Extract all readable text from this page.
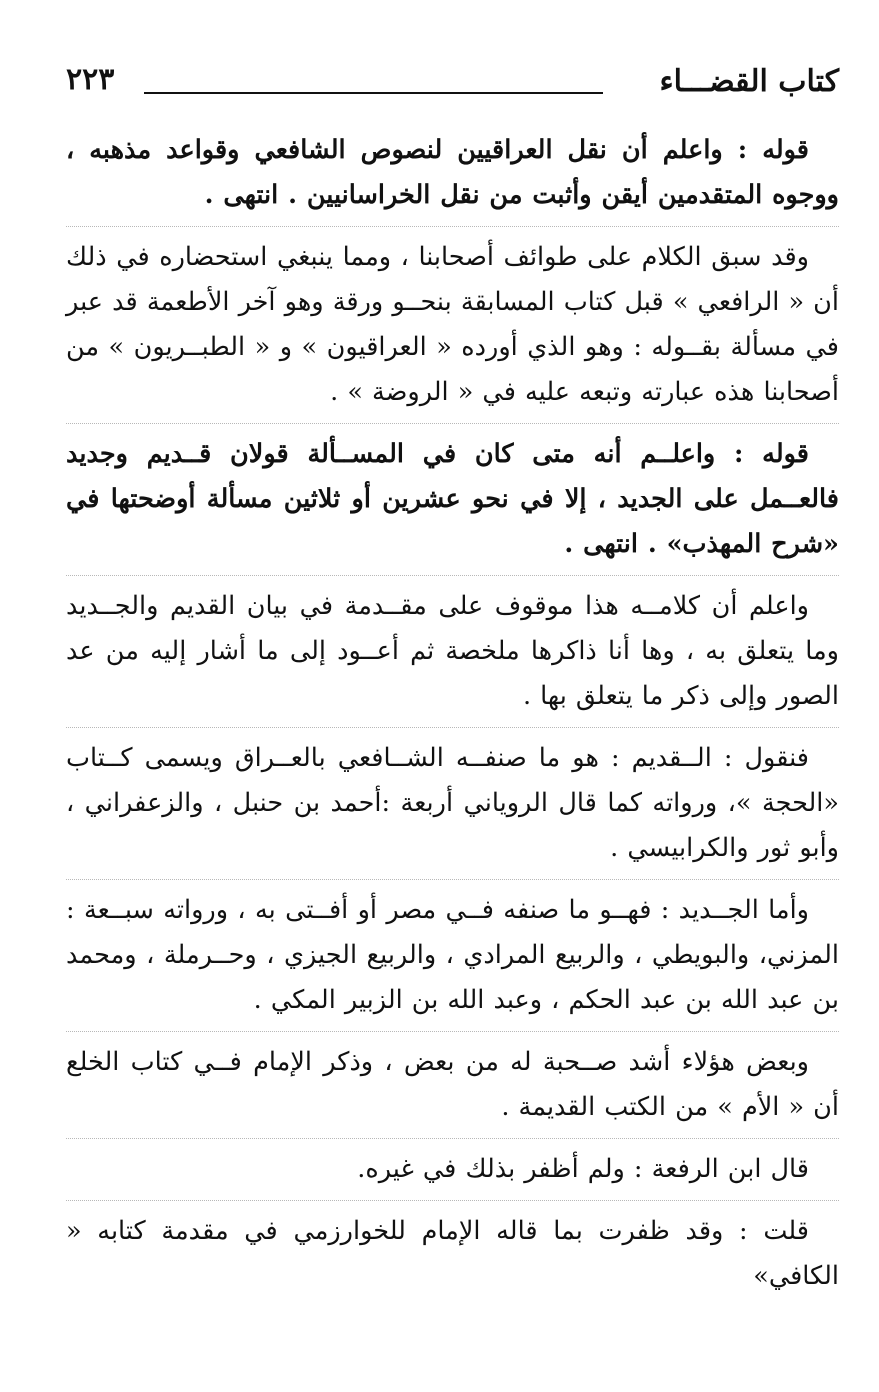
كتاب القضـــاء
٢٢٣

قوله : واعلم أن نقل العراقيين لنصوص الشافعي وقواعد مذهبه ، ووجوه المتقدمين أيقن وأثبت من نقل الخراسانيين . انتهى .

وقد سبق الكلام على طوائف أصحابنا ، ومما ينبغي استحضاره في ذلك أن « الرافعي » قبل كتاب المسابقة بنحــو ورقة وهو آخر الأطعمة قد عبر في مسألة بقــوله : وهو الذي أورده « العراقيون » و « الطبــريون » من أصحابنا هذه عبارته وتبعه عليه في « الروضة » .

قوله : واعلــم أنه متى كان في المســألة قولان قــديم وجديد فالعــمل على الجديد ، إلا في نحو عشرين أو ثلاثين مسألة أوضحتها في «شرح المهذب» . انتهى .

واعلم أن كلامــه هذا موقوف على مقــدمة في بيان القديم والجــديد وما يتعلق به ، وها أنا ذاكرها ملخصة ثم أعــود إلى ما أشار إليه من عد الصور وإلى ذكر ما يتعلق بها .

فنقول : الــقديم : هو ما صنفــه الشــافعي بالعــراق ويسمى كــتاب «الحجة »، ورواته كما قال الروياني أربعة :أحمد بن حنبل ، والزعفراني ، وأبو ثور والكرابيسي .

وأما الجــديد : فهــو ما صنفه فــي مصر أو أفــتى به ، ورواته سبــعة : المزني، والبويطي ، والربيع المرادي ، والربيع الجيزي ، وحــرملة ، ومحمد بن عبد الله بن عبد الحكم ، وعبد الله بن الزبير المكي .

وبعض هؤلاء أشد صــحبة له من بعض ، وذكر الإمام فــي كتاب الخلع أن « الأم » من الكتب القديمة .

قال ابن الرفعة : ولم أظفر بذلك في غيره.

قلت : وقد ظفرت بما قاله الإمام للخوارزمي في مقدمة كتابه « الكافي»
